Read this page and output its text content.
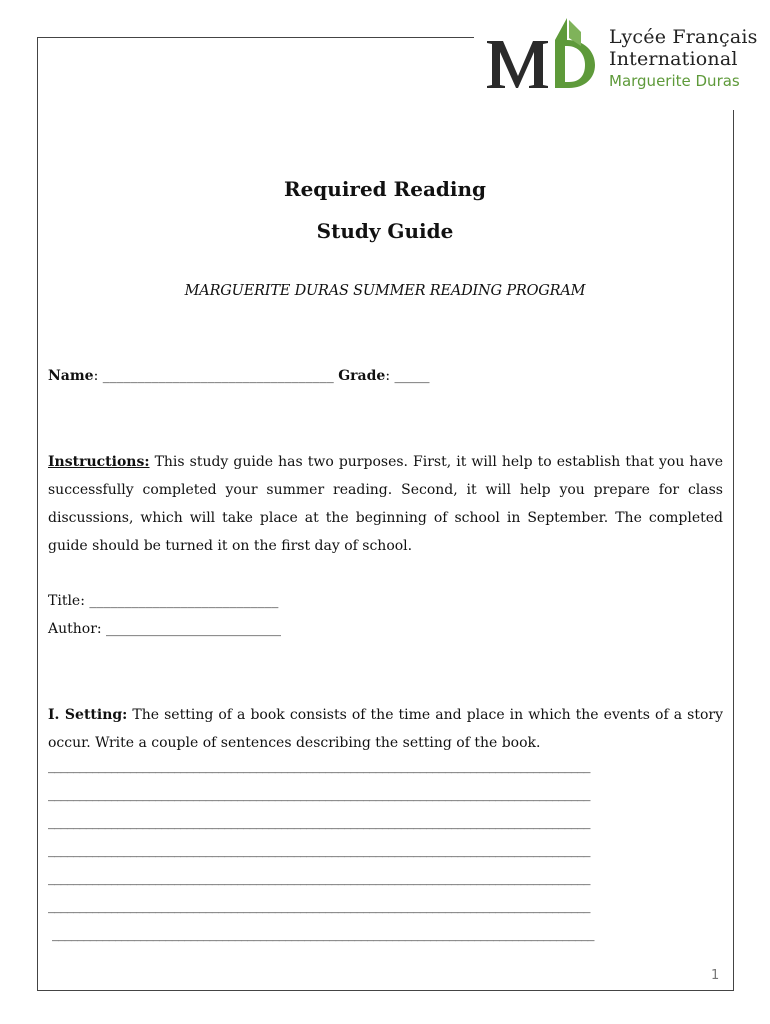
Lycée Français
International
Marguerite Duras
Required Reading
Study Guide
MARGUERITE DURAS SUMMER READING PROGRAM
Name: _________________________________ Grade: _____
Instructions: This study guide has two purposes. First, it will help to establish that you have successfully completed your summer reading. Second, it will help you prepare for class discussions, which will take place at the beginning of school in September. The completed guide should be turned it on the first day of school.
Title: ___________________________
Author: _________________________
I. Setting: The setting of a book consists of the time and place in which the events of a story occur. Write a couple of sentences describing the setting of the book.
______________________________________________________________________________________
______________________________________________________________________________________
______________________________________________________________________________________
______________________________________________________________________________________
______________________________________________________________________________________
______________________________________________________________________________________
______________________________________________________________________________________
1
